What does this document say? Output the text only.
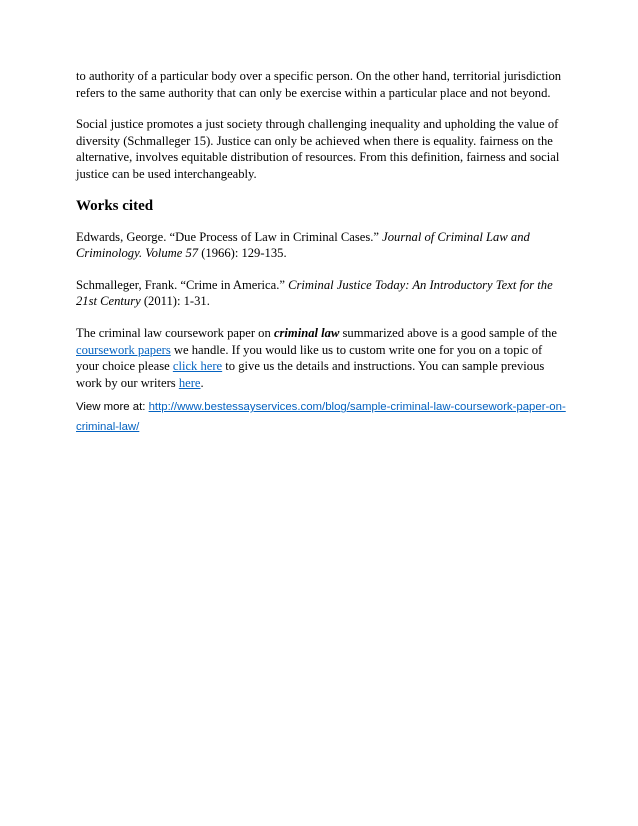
to authority of a particular body over a specific person. On the other hand, territorial jurisdiction refers to the same authority that can only be exercise within a particular place and not beyond.

Social justice promotes a just society through challenging inequality and upholding the value of diversity (Schmalleger 15). Justice can only be achieved when there is equality. fairness on the alternative, involves equitable distribution of resources. From this definition, fairness and social justice can be used interchangeably.

Works cited

Edwards, George. “Due Process of Law in Criminal Cases.” Journal of Criminal Law and Criminology. Volume 57 (1966): 129-135.

Schmalleger, Frank. “Crime in America.” Criminal Justice Today: An Introductory Text for the 21st Century (2011): 1-31.

The criminal law coursework paper on criminal law summarized above is a good sample of the coursework papers we handle. If you would like us to custom write one for you on a topic of your choice please click here to give us the details and instructions. You can sample previous work by our writers here.

View more at: http://www.bestessayservices.com/blog/sample-criminal-law-coursework-paper-on-criminal-law/
